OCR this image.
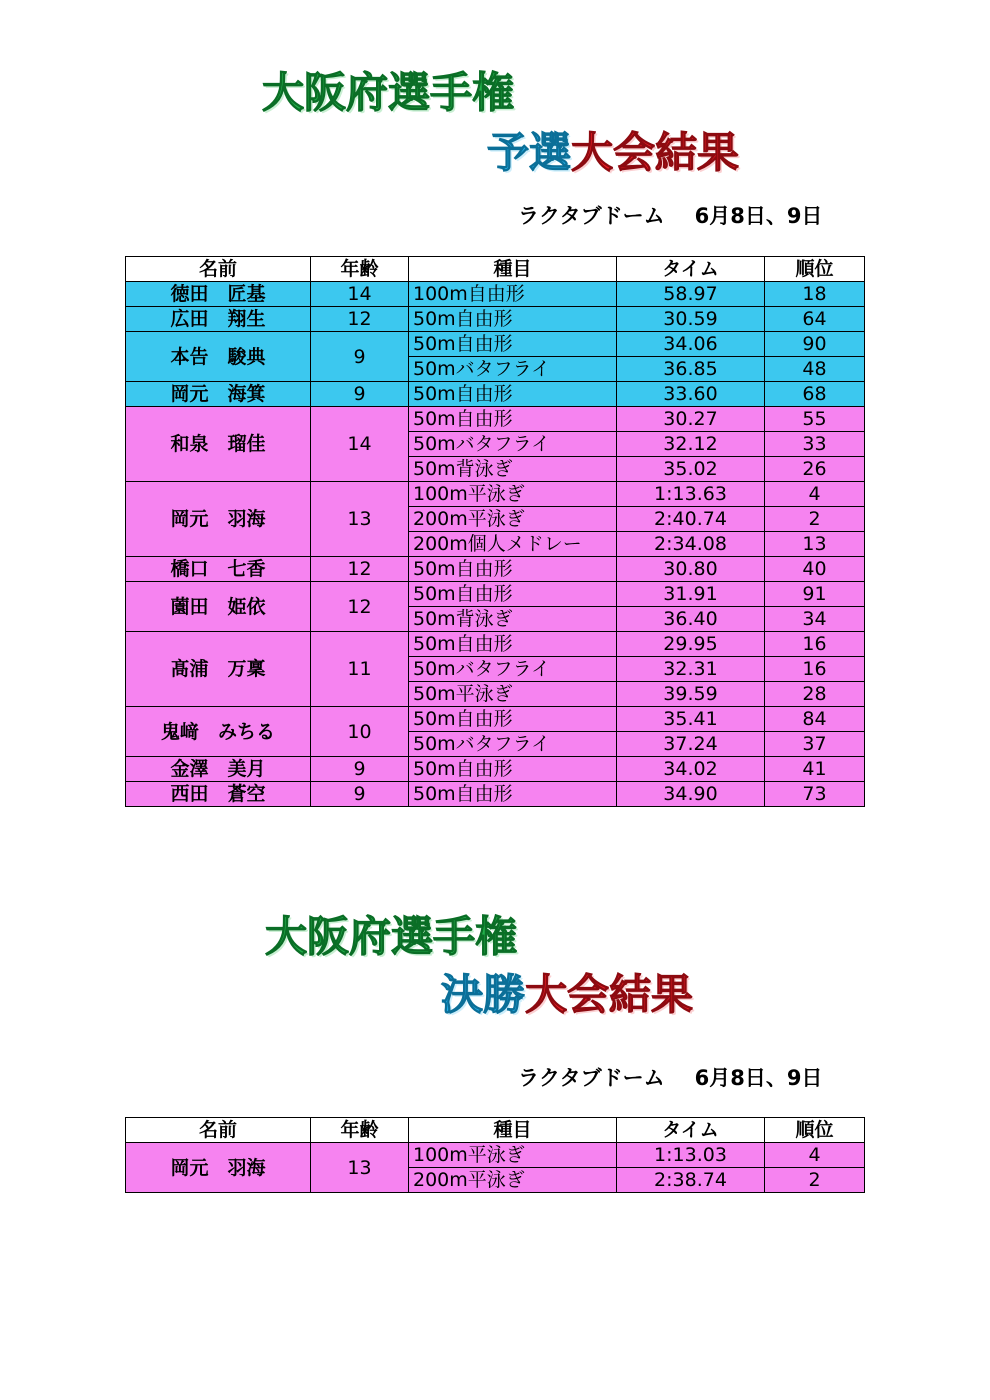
大阪府選手権
予選大会結果
ラクタブドーム 6月8日、9日
名前	年齢	種目	タイム	順位
徳田　匠基	14	100m自由形	58.97	18
広田　翔生	12	50m自由形	30.59	64
本告　駿典	9	50m自由形	34.06	90
		50mバタフライ	36.85	48
岡元　海箕	9	50m自由形	33.60	68
和泉　瑠佳	14	50m自由形	30.27	55
		50mバタフライ	32.12	33
		50m背泳ぎ	35.02	26
岡元　羽海	13	100m平泳ぎ	1:13.63	4
		200m平泳ぎ	2:40.74	2
		200m個人メドレー	2:34.08	13
橋口　七香	12	50m自由形	30.80	40
薗田　姫依	12	50m自由形	31.91	91
		50m背泳ぎ	36.40	34
髙浦　万稟	11	50m自由形	29.95	16
		50mバタフライ	32.31	16
		50m平泳ぎ	39.59	28
鬼﨑　みちる	10	50m自由形	35.41	84
		50mバタフライ	37.24	37
金澤　美月	9	50m自由形	34.02	41
西田　蒼空	9	50m自由形	34.90	73
大阪府選手権
決勝大会結果
ラクタブドーム 6月8日、9日
名前	年齢	種目	タイム	順位
岡元　羽海	13	100m平泳ぎ	1:13.03	4
		200m平泳ぎ	2:38.74	2
